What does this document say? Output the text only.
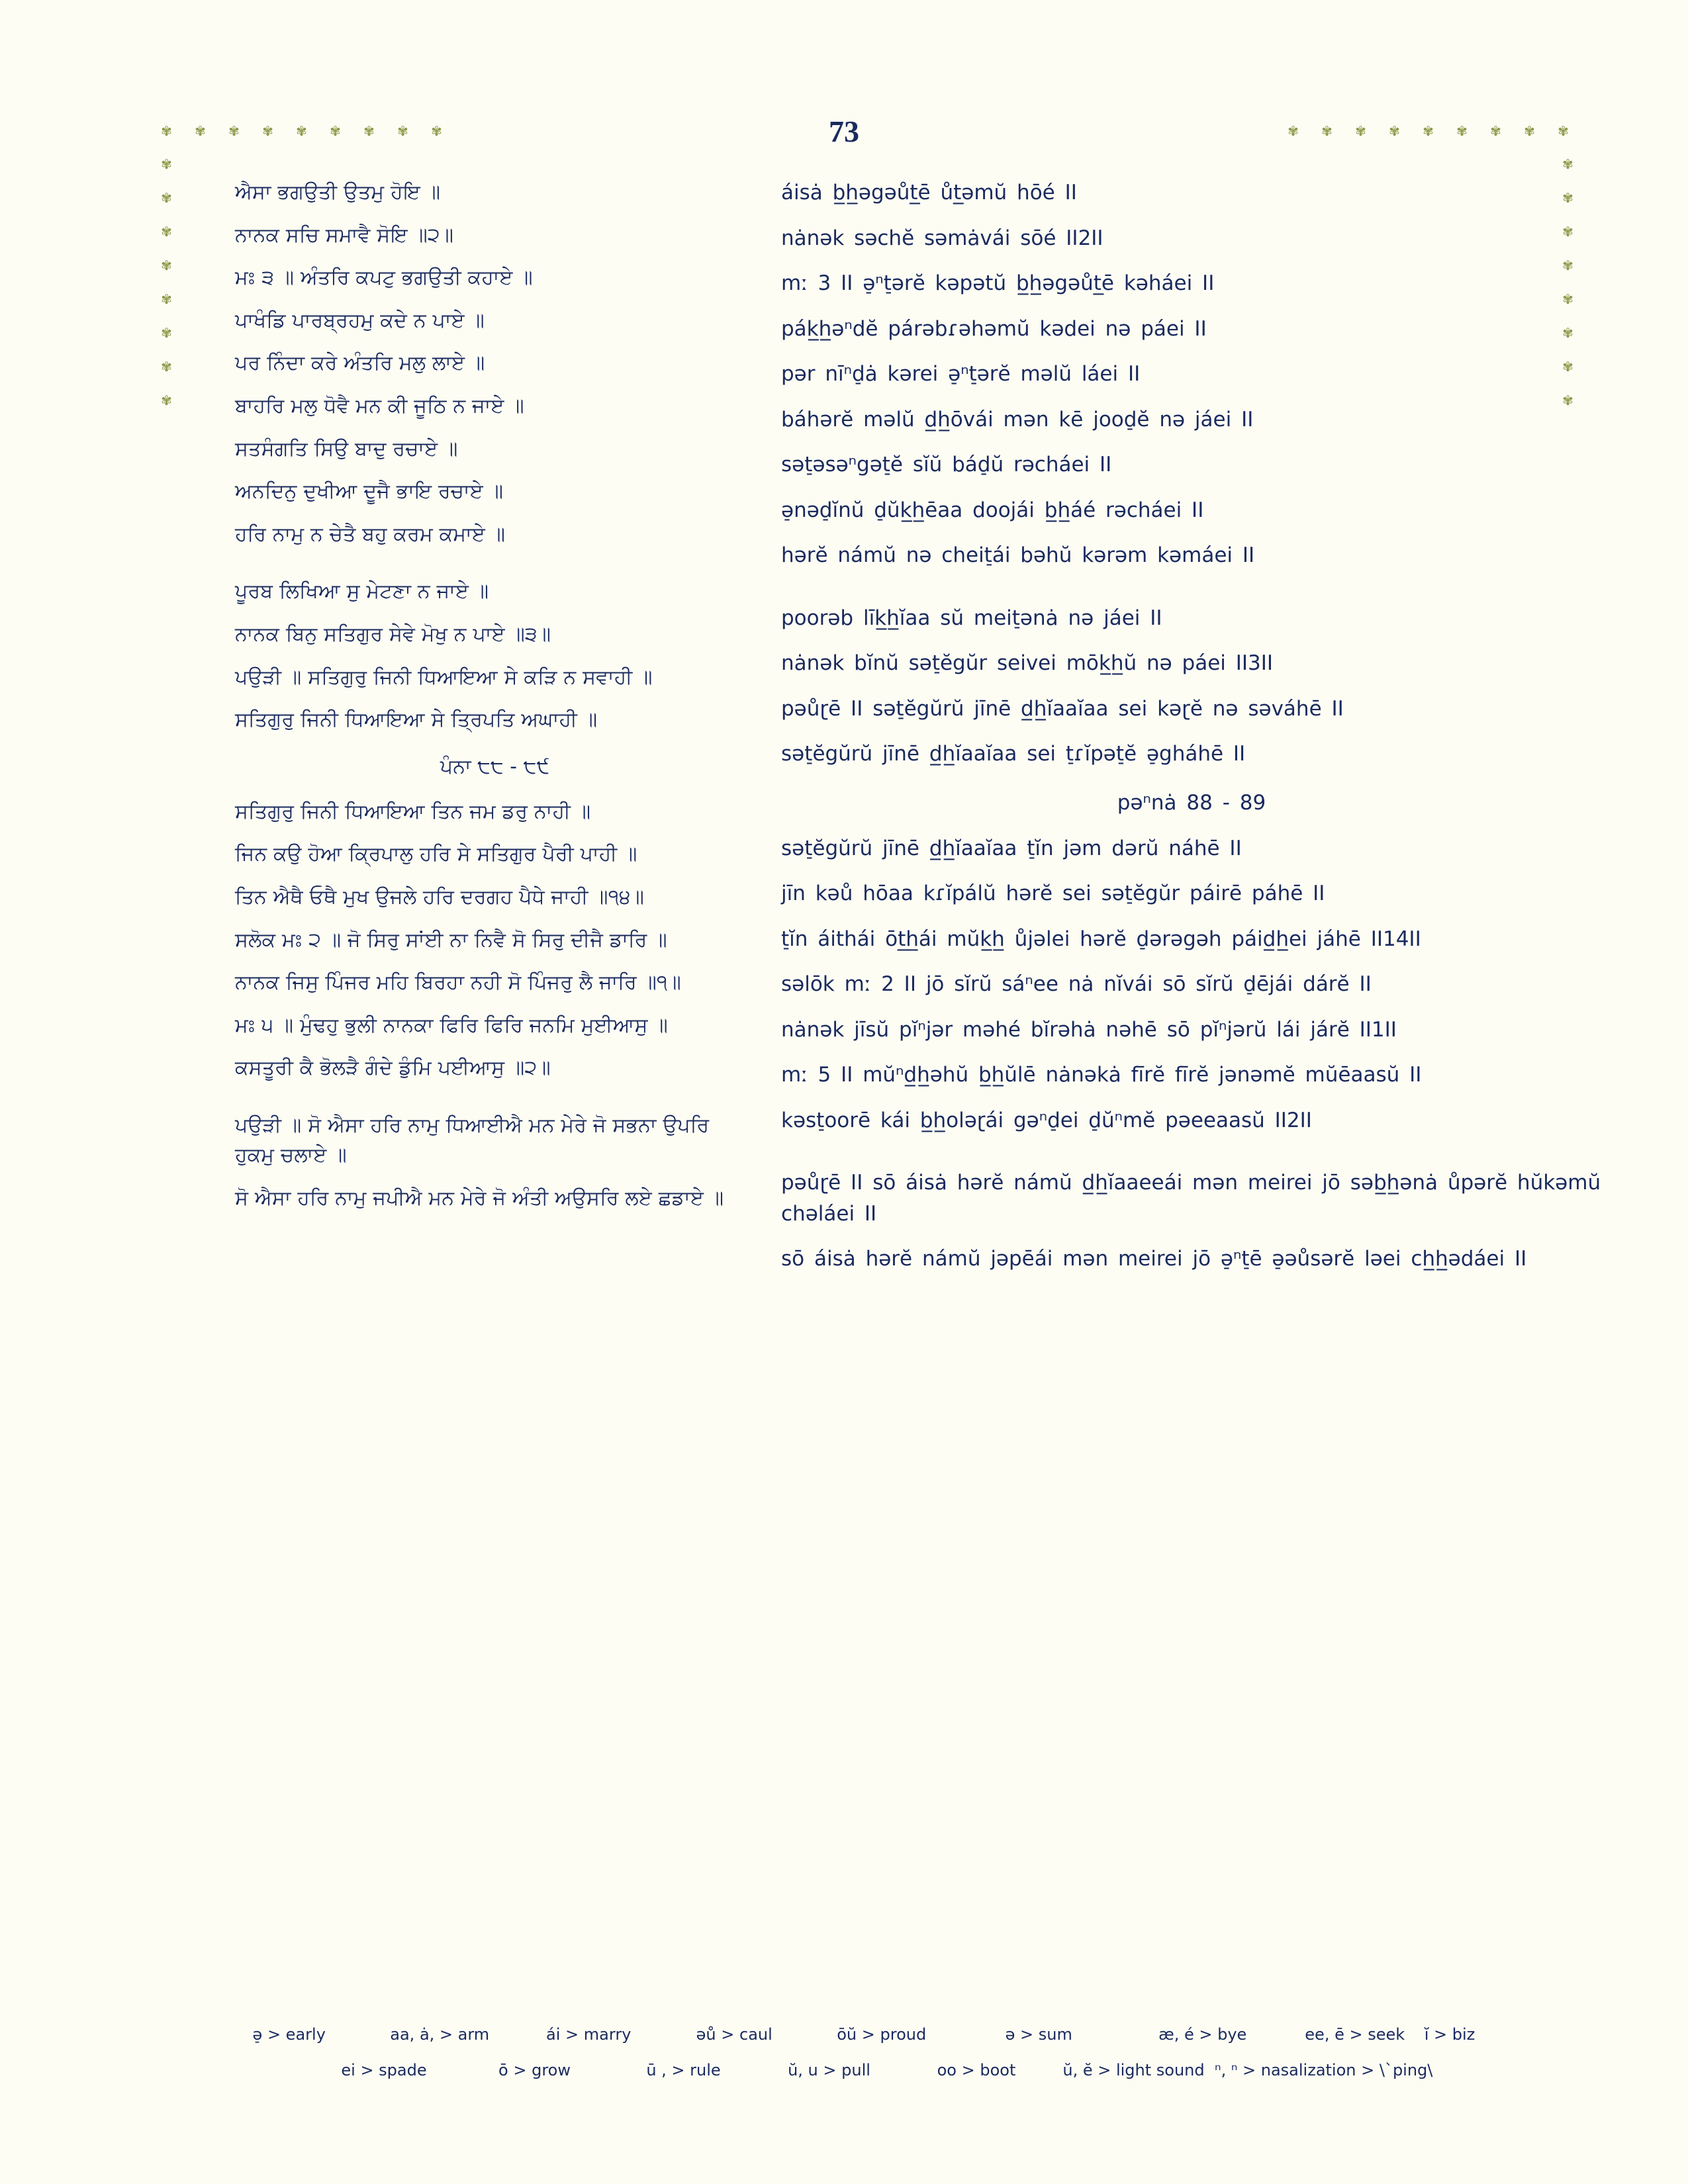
✾ ✾ ✾ ✾ ✾ ✾ ✾ ✾ ✾	✾ ✾ ✾ ✾ ✾ ✾ ✾ ✾ ✾
✾
✾
✾
✾
✾
✾
✾
✾
✾
✾
✾
✾
✾
✾
✾
✾
73
ਐਸਾ ਭਗਉਤੀ ਉਤਮੁ ਹੋਇ ॥
ਨਾਨਕ ਸਚਿ ਸਮਾਵੈ ਸੋਇ ॥੨॥
ਮਃ ੩ ॥ ਅੰਤਰਿ ਕਪਟੁ ਭਗਉਤੀ ਕਹਾਏ ॥
ਪਾਖੰਡਿ ਪਾਰਬ੍ਰਹਮੁ ਕਦੇ ਨ ਪਾਏ ॥
ਪਰ ਨਿੰਦਾ ਕਰੇ ਅੰਤਰਿ ਮਲੁ ਲਾਏ ॥
ਬਾਹਰਿ ਮਲੁ ਧੋਵੈ ਮਨ ਕੀ ਜੂਠਿ ਨ ਜਾਏ ॥
ਸਤਸੰਗਤਿ ਸਿਉ ਬਾਦੁ ਰਚਾਏ ॥
ਅਨਦਿਨੁ ਦੁਖੀਆ ਦੂਜੈ ਭਾਇ ਰਚਾਏ ॥
ਹਰਿ ਨਾਮੁ ਨ ਚੇਤੈ ਬਹੁ ਕਰਮ ਕਮਾਏ ॥
ਪੂਰਬ ਲਿਖਿਆ ਸੁ ਮੇਟਣਾ ਨ ਜਾਏ ॥
ਨਾਨਕ ਬਿਨੁ ਸਤਿਗੁਰ ਸੇਵੇ ਮੋਖੁ ਨ ਪਾਏ ॥੩॥
ਪਉੜੀ ॥ ਸਤਿਗੁਰੁ ਜਿਨੀ ਧਿਆਇਆ ਸੇ ਕੜਿ ਨ ਸਵਾਹੀ ॥
ਸਤਿਗੁਰੁ ਜਿਨੀ ਧਿਆਇਆ ਸੇ ਤ੍ਰਿਪਤਿ ਅਘਾਹੀ ॥
ਪੰਨਾ ੮੮ - ੮੯
ਸਤਿਗੁਰੁ ਜਿਨੀ ਧਿਆਇਆ ਤਿਨ ਜਮ ਡਰੁ ਨਾਹੀ ॥
ਜਿਨ ਕਉ ਹੋਆ ਕ੍ਰਿਪਾਲੁ ਹਰਿ ਸੇ ਸਤਿਗੁਰ ਪੈਰੀ ਪਾਹੀ ॥
ਤਿਨ ਐਥੈ ਓਥੈ ਮੁਖ ਉਜਲੇ ਹਰਿ ਦਰਗਹ ਪੈਧੇ ਜਾਹੀ ॥੧੪॥
ਸਲੋਕ ਮਃ ੨ ॥ ਜੋ ਸਿਰੁ ਸਾਂਈ ਨਾ ਨਿਵੈ ਸੋ ਸਿਰੁ ਦੀਜੈ ਡਾਰਿ ॥
ਨਾਨਕ ਜਿਸੁ ਪਿੰਜਰ ਮਹਿ ਬਿਰਹਾ ਨਹੀ ਸੋ ਪਿੰਜਰੁ ਲੈ ਜਾਰਿ ॥੧॥
ਮਃ ੫ ॥ ਮੁੰਢਹੁ ਭੁਲੀ ਨਾਨਕਾ ਫਿਰਿ ਫਿਰਿ ਜਨਮਿ ਮੁਈਆਸੁ ॥
ਕਸਤੂਰੀ ਕੈ ਭੋਲੜੈ ਗੰਦੇ ਡੁੰਮਿ ਪਈਆਸੁ ॥੨॥
ਪਉੜੀ ॥ ਸੋ ਐਸਾ ਹਰਿ ਨਾਮੁ ਧਿਆਈਐ ਮਨ ਮੇਰੇ ਜੋ ਸਭਨਾ ਉਪਰਿ ਹੁਕਮੁ ਚਲਾਏ ॥
ਸੋ ਐਸਾ ਹਰਿ ਨਾਮੁ ਜਪੀਐ ਮਨ ਮੇਰੇ ਜੋ ਅੰਤੀ ਅਉਸਰਿ ਲਏ ਛਡਾਏ ॥
áisȧ b̲h̲əgəůt̲ē ůt̲əmŭ hōé II
nȧnək səchĕ səmȧvái sōé II2II
mː 3 II ə̠ⁿt̠ərĕ kəpətŭ b̲h̲əgəůt̲ē kəháei II
pák̲h̲əⁿdĕ párəbɾəhəmŭ kədei nə páei II
pər nīⁿd̠ȧ kərei ə̠ⁿt̠ərĕ məlŭ láei II
báhərĕ məlŭ d̲h̲ōvái mən kē jood̠ĕ nə jáei II
sət̠əsəⁿgət̠ĕ sĭŭ bád̠ŭ rəcháei II
ə̠nəd̠ĭnŭ d̠ŭk̲h̲ēaa doojái b̲h̲áé rəcháei II
hərĕ námŭ nə cheit̠ái bəhŭ kərəm kəmáei II
poorəb līk̲h̲ĭaa sŭ meit̠ənȧ nə jáei II
nȧnək bĭnŭ sət̠ĕgŭr seivei mōk̲h̲ŭ nə páei II3II
pəůɽē II sət̠ĕgŭrŭ jīnē d̲h̲ĭaaĭaa sei kəɽĕ nə səváhē II
sət̠ĕgŭrŭ jīnē d̲h̲ĭaaĭaa sei t̠ɾĭpət̠ĕ ə̠gháhē II
pəⁿnȧ 88 - 89
sət̠ĕgŭrŭ jīnē d̲h̲ĭaaĭaa t̠ĭn jəm dərŭ náhē II
jīn kəů hōaa kɾĭpálŭ hərĕ sei sət̠ĕgŭr páirē páhē II
t̠ĭn áithái ōt̲h̲ái mŭk̲h̲ ůjəlei hərĕ d̠ərəgəh páid̲h̲ei jáhē II14II
səlōk mː 2 II jō sĭrŭ sáⁿee nȧ nĭvái sō sĭrŭ d̠ējái dárĕ II
nȧnək jīsŭ pĭⁿjər məhé bĭrəhȧ nəhē sō pĭⁿjərŭ lái járĕ II1II
mː 5 II mŭⁿd̲h̲əhŭ b̲h̲ŭlē nȧnəkȧ fīrĕ fīrĕ jənəmĕ mŭēaasŭ II
kəst̠oorē kái b̲h̲oləɽái gəⁿd̠ei d̠ŭⁿmĕ pəeeaasŭ II2II
pəůɽē II sō áisȧ hərĕ námŭ d̲h̲ĭaaeeái mən meirei jō səb̲h̲ənȧ ůpərĕ hŭkəmŭ chəláei II
sō áisȧ hərĕ námŭ jəpēái mən meirei jō ə̠ⁿt̠ē ə̠əůsərĕ ləei ch̲h̲ədáei II
ə̠ > early	aa, ȧ, > arm	ái > marry	əů > caul	ōŭ > proud	ə > sum	æ, é > bye	ee, ē > seek	ĭ > biz
ei > spade	ō > grow	ū , > rule	ŭ, u > pull	oo > boot	ŭ, ĕ > light sound ⁿ, ⁿ > nasalization > \ˋping\
